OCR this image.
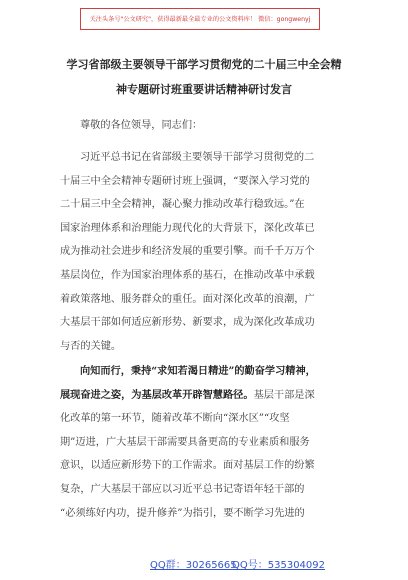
关注头条号"公文研究"，获得最新最全最专业的公文资料库！ 微信：gongwenyj
学习省部级主要领导干部学习贯彻党的二十届三中全会精
神专题研讨班重要讲话精神研讨发言
尊敬的各位领导，同志们：
习近平总书记在省部级主要领导干部学习贯彻党的二
十届三中全会精神专题研讨班上强调，“要深入学习党的
二十届三中全会精神，凝心聚力推动改革行稳致远。”在
国家治理体系和治理能力现代化的大背景下，深化改革已
成为推动社会进步和经济发展的重要引擎。而千千万万个
基层岗位，作为国家治理体系的基石，在推动改革中承载
着政策落地、服务群众的重任。面对深化改革的浪潮，广
大基层干部如何适应新形势、新要求，成为深化改革成功
与否的关键。
向知而行，秉持“求知若渴日精进”的勤奋学习精神，
展现奋进之姿，为基层改革开辟智慧路径。基层干部是深
化改革的第一环节，随着改革不断向“深水区”“攻坚
期”迈进，广大基层干部需要具备更高的专业素质和服务
意识，以适应新形势下的工作需求。面对基层工作的纷繁
复杂，广大基层干部应以习近平总书记寄语年轻干部的
“必须练好内功，提升修养”为指引，要不断学习先进的
QQ群：30265665
QQ号：535304092
